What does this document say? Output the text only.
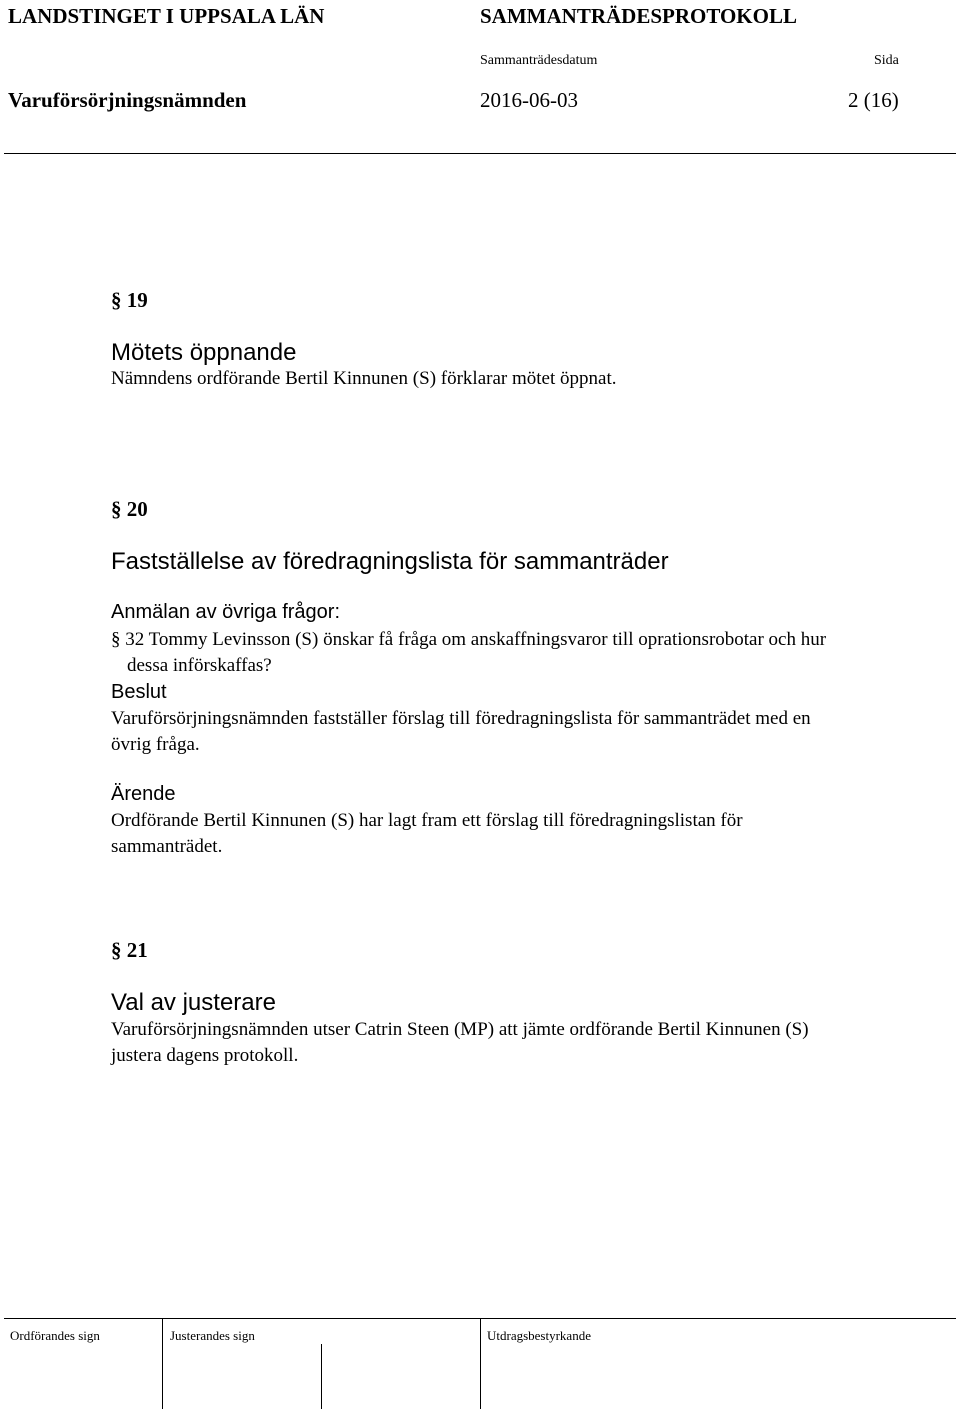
LANDSTINGET I UPPSALA LÄN	SAMMANTRÄDESPROTOKOLL
Sammanträdesdatum	Sida
Varuförsörjningsnämnden	2016-06-03	2 (16)
§ 19
Mötets öppnande
Nämndens ordförande Bertil Kinnunen (S) förklarar mötet öppnat.
§ 20
Fastställelse av föredragningslista för sammanträder
Anmälan av övriga frågor:
§ 32 Tommy Levinsson (S) önskar få fråga om anskaffningsvaror till oprationsrobotar och hur
dessa införskaffas?
Beslut
Varuförsörjningsnämnden fastställer förslag till föredragningslista för sammanträdet med en
övrig fråga.
Ärende
Ordförande Bertil Kinnunen (S) har lagt fram ett förslag till föredragningslistan för
sammanträdet.
§ 21
Val av justerare
Varuförsörjningsnämnden utser Catrin Steen (MP) att jämte ordförande Bertil Kinnunen (S)
justera dagens protokoll.
Ordförandes sign	Justerandes sign	Utdragsbestyrkande
